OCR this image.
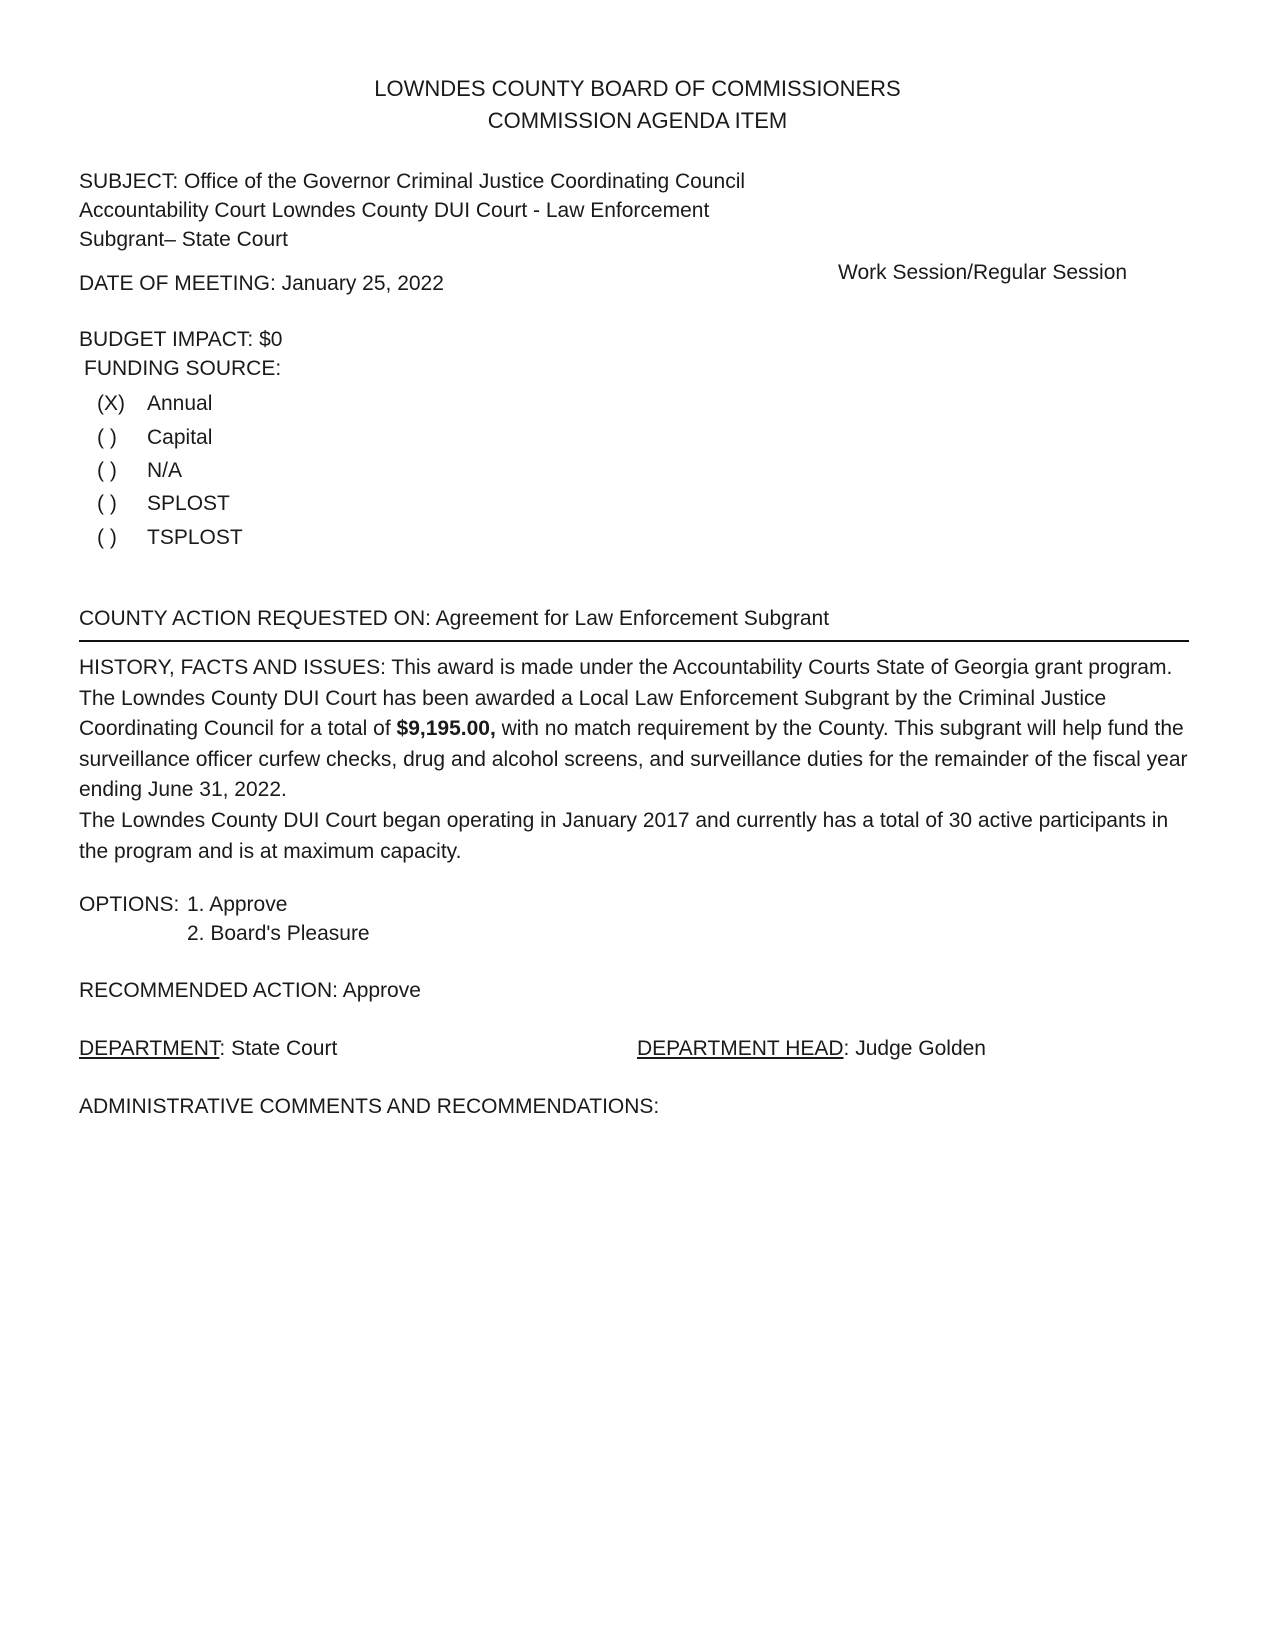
LOWNDES COUNTY BOARD OF COMMISSIONERS
COMMISSION AGENDA ITEM
SUBJECT: Office of the Governor Criminal Justice Coordinating Council
Accountability Court Lowndes County DUI Court - Law Enforcement
Subgrant– State Court
DATE OF MEETING: January 25, 2022	Work Session/Regular Session
BUDGET IMPACT: $0
FUNDING SOURCE:
(X) Annual
( ) Capital
( ) N/A
( ) SPLOST
( ) TSPLOST
COUNTY ACTION REQUESTED ON: Agreement for Law Enforcement Subgrant
HISTORY, FACTS AND ISSUES: This award is made under the Accountability Courts State of Georgia grant program. The Lowndes County DUI Court has been awarded a Local Law Enforcement Subgrant by the Criminal Justice Coordinating Council for a total of $9,195.00, with no match requirement by the County. This subgrant will help fund the surveillance officer curfew checks, drug and alcohol screens, and surveillance duties for the remainder of the fiscal year ending June 31, 2022.
The Lowndes County DUI Court began operating in January 2017 and currently has a total of 30 active participants in the program and is at maximum capacity.
OPTIONS: 1. Approve
2. Board's Pleasure
RECOMMENDED ACTION: Approve
DEPARTMENT: State Court	DEPARTMENT HEAD: Judge Golden
ADMINISTRATIVE COMMENTS AND RECOMMENDATIONS:
